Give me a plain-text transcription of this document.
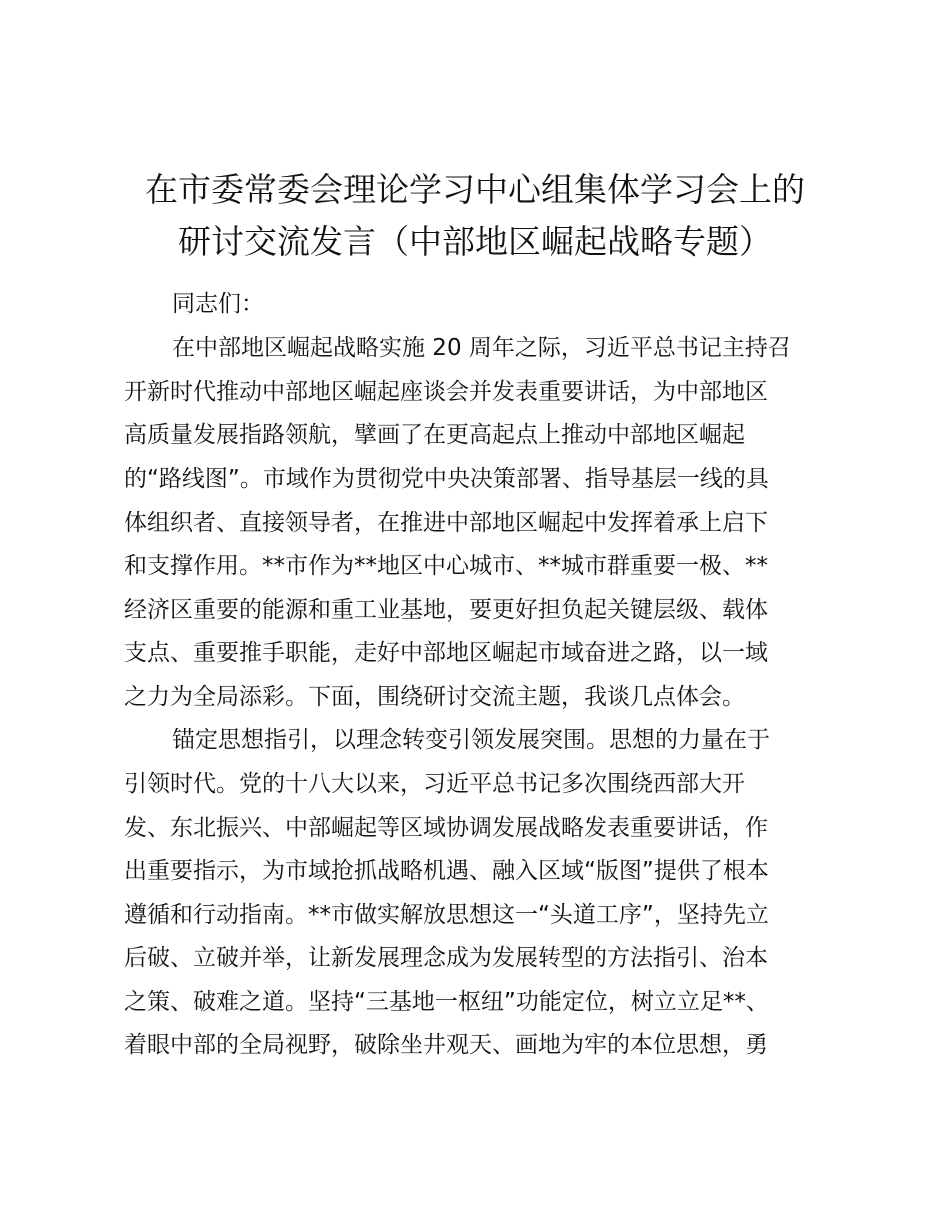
在市委常委会理论学习中心组集体学习会上的
研讨交流发言（中部地区崛起战略专题）

同志们：

在中部地区崛起战略实施 20 周年之际，习近平总书记主持召

开新时代推动中部地区崛起座谈会并发表重要讲话，为中部地区

高质量发展指路领航，擘画了在更高起点上推动中部地区崛起

的“路线图”。市域作为贯彻党中央决策部署、指导基层一线的具

体组织者、直接领导者，在推进中部地区崛起中发挥着承上启下

和支撑作用。**市作为**地区中心城市、**城市群重要一极、**

经济区重要的能源和重工业基地，要更好担负起关键层级、载体

支点、重要推手职能，走好中部地区崛起市域奋进之路，以一域

之力为全局添彩。下面，围绕研讨交流主题，我谈几点体会。

锚定思想指引，以理念转变引领发展突围。思想的力量在于

引领时代。党的十八大以来，习近平总书记多次围绕西部大开

发、东北振兴、中部崛起等区域协调发展战略发表重要讲话，作

出重要指示，为市域抢抓战略机遇、融入区域“版图”提供了根本

遵循和行动指南。**市做实解放思想这一“头道工序”，坚持先立

后破、立破并举，让新发展理念成为发展转型的方法指引、治本

之策、破难之道。坚持“三基地一枢纽”功能定位，树立立足**、

着眼中部的全局视野，破除坐井观天、画地为牢的本位思想，勇
